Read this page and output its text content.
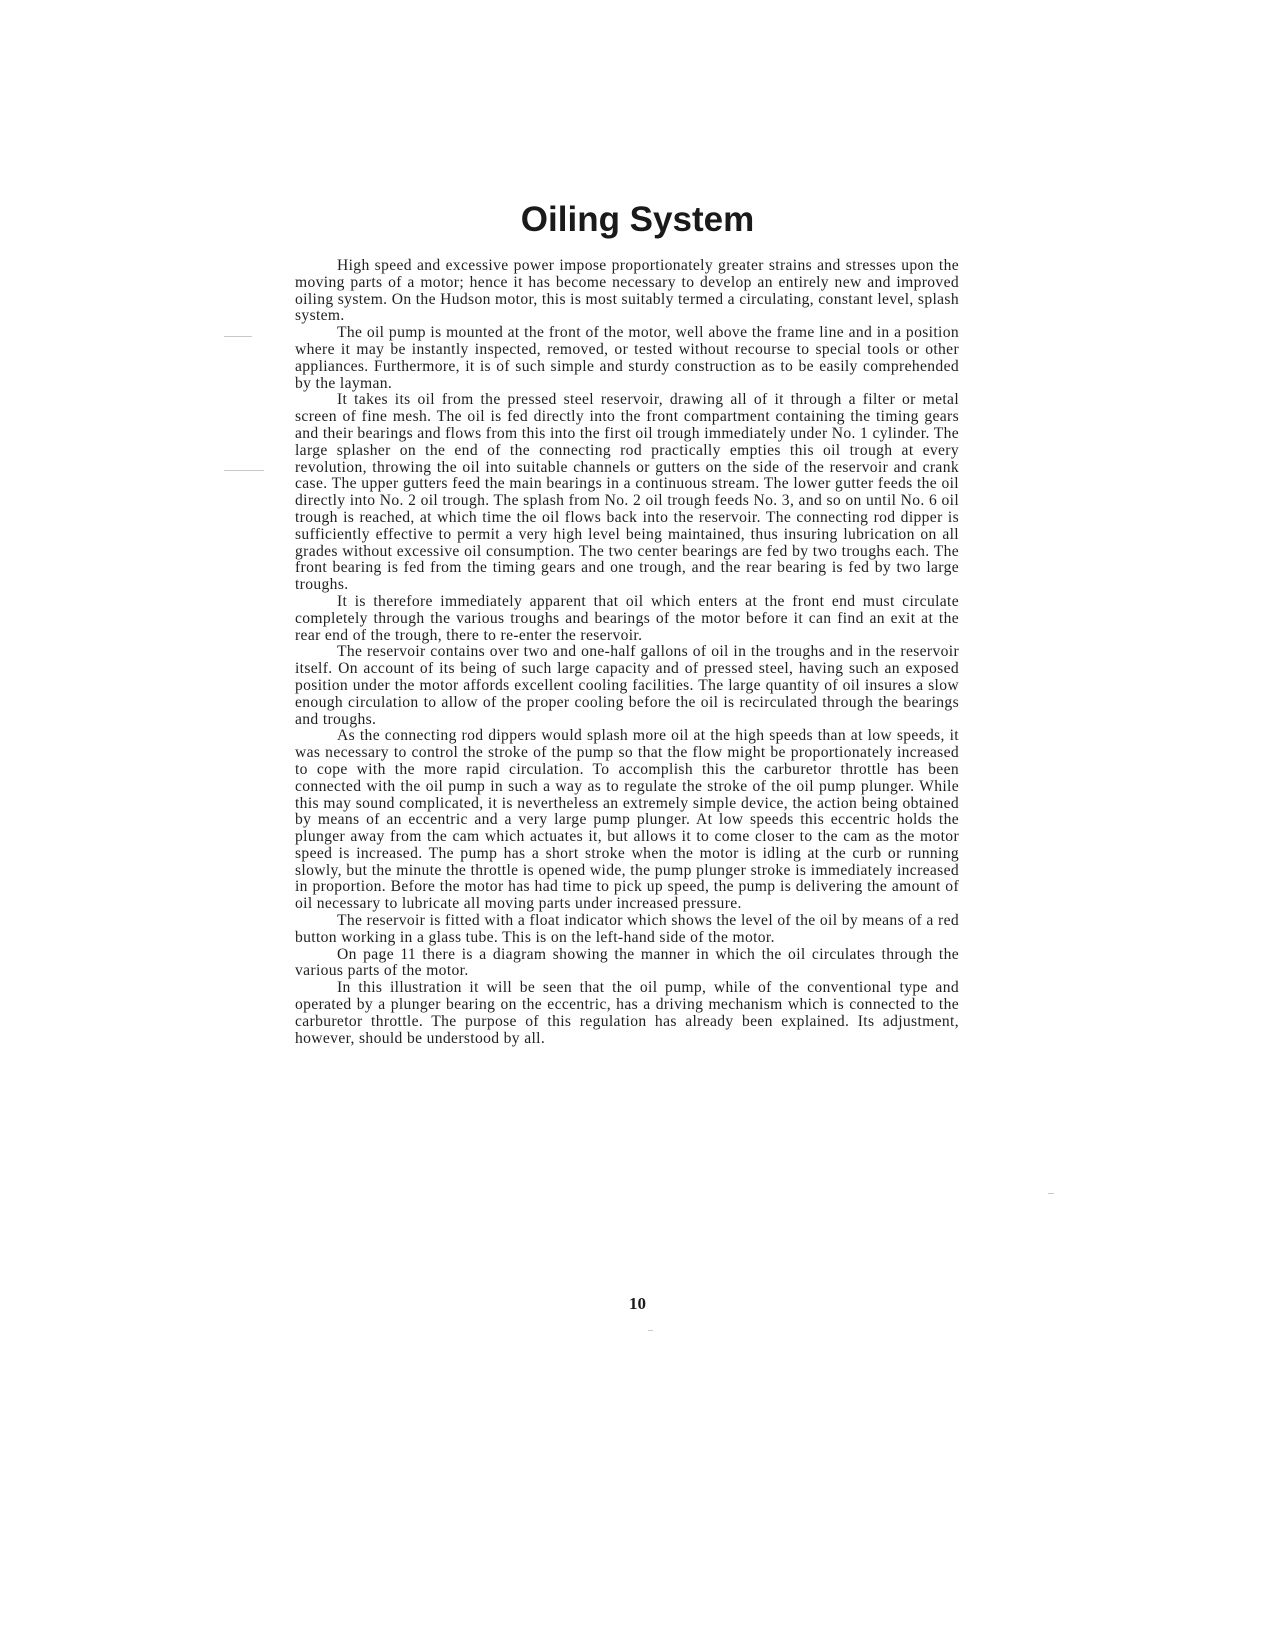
Oiling System

High speed and excessive power impose proportionately greater strains and stresses upon the moving parts of a motor; hence it has become necessary to develop an entirely new and improved oiling system. On the Hudson motor, this is most suitably termed a circulating, constant level, splash system.

The oil pump is mounted at the front of the motor, well above the frame line and in a position where it may be instantly inspected, removed, or tested without recourse to special tools or other appliances. Furthermore, it is of such simple and sturdy construction as to be easily comprehended by the layman.

It takes its oil from the pressed steel reservoir, drawing all of it through a filter or metal screen of fine mesh. The oil is fed directly into the front compartment containing the timing gears and their bearings and flows from this into the first oil trough immediately under No. 1 cylinder. The large splasher on the end of the connecting rod practically empties this oil trough at every revolution, throwing the oil into suitable channels or gutters on the side of the reservoir and crank case. The upper gutters feed the main bearings in a continuous stream. The lower gutter feeds the oil directly into No. 2 oil trough. The splash from No. 2 oil trough feeds No. 3, and so on until No. 6 oil trough is reached, at which time the oil flows back into the reservoir. The connecting rod dipper is sufficiently effective to permit a very high level being maintained, thus insuring lubrication on all grades without excessive oil consumption. The two center bearings are fed by two troughs each. The front bearing is fed from the timing gears and one trough, and the rear bearing is fed by two large troughs.

It is therefore immediately apparent that oil which enters at the front end must circulate completely through the various troughs and bearings of the motor before it can find an exit at the rear end of the trough, there to re-enter the reservoir.

The reservoir contains over two and one-half gallons of oil in the troughs and in the reservoir itself. On account of its being of such large capacity and of pressed steel, having such an exposed position under the motor affords excellent cooling facilities. The large quantity of oil insures a slow enough circulation to allow of the proper cooling before the oil is recirculated through the bearings and troughs.

As the connecting rod dippers would splash more oil at the high speeds than at low speeds, it was necessary to control the stroke of the pump so that the flow might be proportionately increased to cope with the more rapid circulation. To accomplish this the carburetor throttle has been connected with the oil pump in such a way as to regulate the stroke of the oil pump plunger. While this may sound complicated, it is nevertheless an extremely simple device, the action being obtained by means of an eccentric and a very large pump plunger. At low speeds this eccentric holds the plunger away from the cam which actuates it, but allows it to come closer to the cam as the motor speed is increased. The pump has a short stroke when the motor is idling at the curb or running slowly, but the minute the throttle is opened wide, the pump plunger stroke is immediately increased in proportion. Before the motor has had time to pick up speed, the pump is delivering the amount of oil necessary to lubricate all moving parts under increased pressure.

The reservoir is fitted with a float indicator which shows the level of the oil by means of a red button working in a glass tube. This is on the left-hand side of the motor.

On page 11 there is a diagram showing the manner in which the oil circulates through the various parts of the motor.

In this illustration it will be seen that the oil pump, while of the conventional type and operated by a plunger bearing on the eccentric, has a driving mechanism which is connected to the carburetor throttle. The purpose of this regulation has already been explained. Its adjustment, however, should be understood by all.

10
